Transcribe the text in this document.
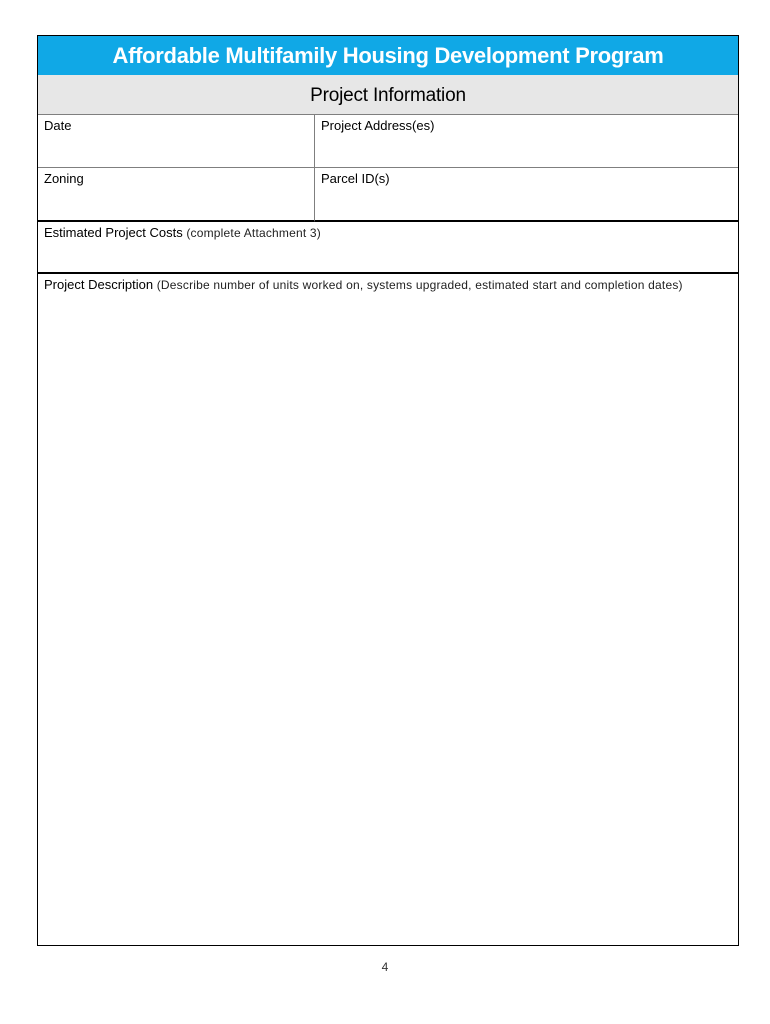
Affordable Multifamily Housing Development Program
Project Information
Date	Project Address(es)
Zoning	Parcel ID(s)
Estimated Project Costs (complete Attachment 3)
Project Description (Describe number of units worked on, systems upgraded, estimated start and completion dates)
4
